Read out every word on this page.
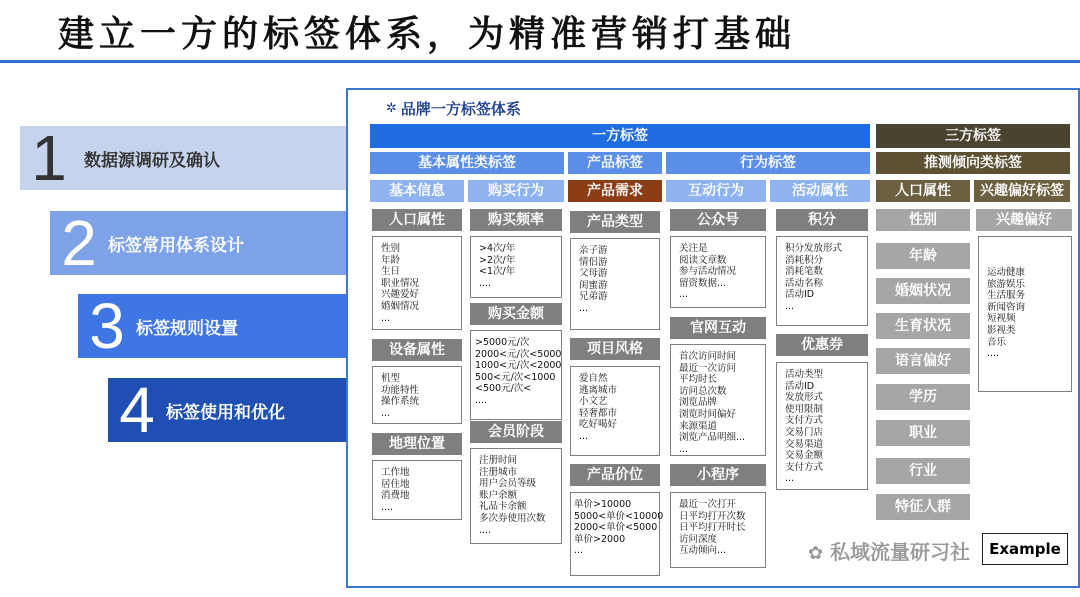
建立一方的标签体系，为精准营销打基础
1	数据源调研及确认
2 标签常用体系设计
3 标签规则设置
4 标签使用和优化
✲ 品牌一方标签体系
一方标签	三方标签
基本属性类标签	产品标签	行为标签	推测倾向类标签
基本信息	购买行为	产品需求	互动行为	活动属性	人口属性	兴趣偏好标签
人口属性
性别
年龄
生日
职业情况
兴趣爱好
婚姻情况
...
设备属性
机型
功能特性
操作系统
...
地理位置
工作地
居住地
消费地
....
购买频率
>4次/年
>2次/年
<1次/年
....
购买金额
>5000元/次
2000<元/次<5000
1000<元/次<2000
500<元/次<1000
<500元/次<
....
会员阶段
注册时间
注册城市
用户会员等级
账户余额
礼品卡余额
多次券使用次数
....
产品类型
亲子游
情侣游
父母游
闺蜜游
兄弟游
...
项目风格
爱自然
逃离城市
小文艺
轻奢都市
吃好喝好
...
产品价位
单价>10000
5000<单价<10000
2000<单价<5000
单价>2000
...
公众号
关注是
阅读文章数
参与活动情况
留资数据...
...
官网互动
首次访问时间
最近一次访问
平均时长
访问总次数
浏览品牌
浏览时间偏好
来源渠道
浏览产品明细...
...
小程序
最近一次打开
日平均打开次数
日平均打开时长
访问深度
互动倾向...
积分
积分发放形式
消耗积分
消耗笔数
活动名称
活动ID
...
优惠券
活动类型
活动ID
发放形式
使用限制
支付方式
交易门店
交易渠道
交易金额
支付方式
...
性别
年龄
婚姻状况
生育状况
语言偏好
学历
职业
行业
特征人群
兴趣偏好
运动健康
旅游娱乐
生活服务
新闻咨询
短视频
影视类
音乐
....
Example
✿ 私域流量研习社
